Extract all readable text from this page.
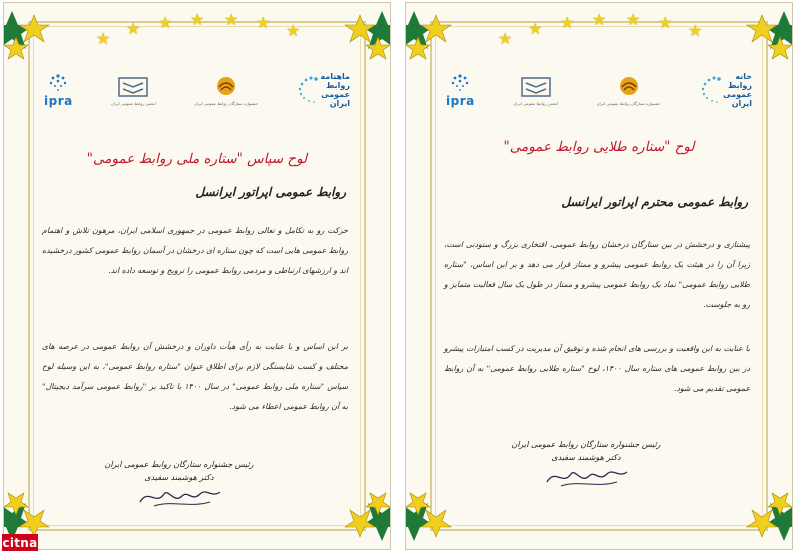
★
★ ★ ★ ★ ★ ★
ipra	انجمن روابط عمومی ایران	جشنواره ستارگان روابط عمومی ایران
ماهنامه
روابط
عمومی
ایران
لوح سپاس "ستاره ملی روابط عمومی"
روابط عمومی اپراتور ایرانسل
حرکت رو به تکامل و تعالی روابط عمومی در جمهوری اسلامی ایران، مرهون تلاش و اهتمام روابط عمومی هایی است که چون ستاره ای درخشان در آسمان روابط عمومی کشور درخشیده اند و ارزشهای ارتباطی و مردمی روابط عمومی را ترویج و توسعه داده اند.
بر این اساس و با عنایت به رأی هیأت داوران و درخشش آن روابط عمومی در عرصه های مختلف و کسب شایستگی لازم برای اطلاق عنوان "ستاره روابط عمومی"، به این وسیله لوح سپاس "ستاره ملی روابط عمومی" در سال ۱۴۰۰ با تاکید بر "روابط عمومی سرآمد دیجیتال" به آن روابط عمومی اعطاء می شود.
رئیس جشنواره ستارگان روابط عمومی ایران
دکتر هوشمند سفیدی
★
★ ★ ★ ★ ★ ★
ipra	انجمن روابط عمومی ایران	جشنواره ستارگان روابط عمومی ایران
خانه
روابط
عمومی
ایران
لوح "ستاره طلایی روابط عمومی"
روابط عمومی محترم اپراتور ایرانسل
پیشتازی و درخشش در بین ستارگان درخشان روابط عمومی، افتخاری بزرگ و ستودنی است، زیرا آن را در هیئت یک روابط عمومی پیشرو و ممتاز قرار می دهد و بر این اساس، "ستاره طلایی روابط عمومی" نماد یک روابط عمومی پیشرو و ممتاز در طول یک سال فعالیت متمایز و رو به جلوست.
با عنایت به این واقعیت و بررسی های انجام شده و توفیق آن مدیریت در کسب امتیازات پیشرو در بین روابط عمومی های ستاره سال ۱۴۰۰، لوح "ستاره طلایی روابط عمومی" به آن روابط عمومی تقدیم می شود.
رئیس جشنواره ستارگان روابط عمومی ایران
دکتر هوشمند سفیدی
citna
